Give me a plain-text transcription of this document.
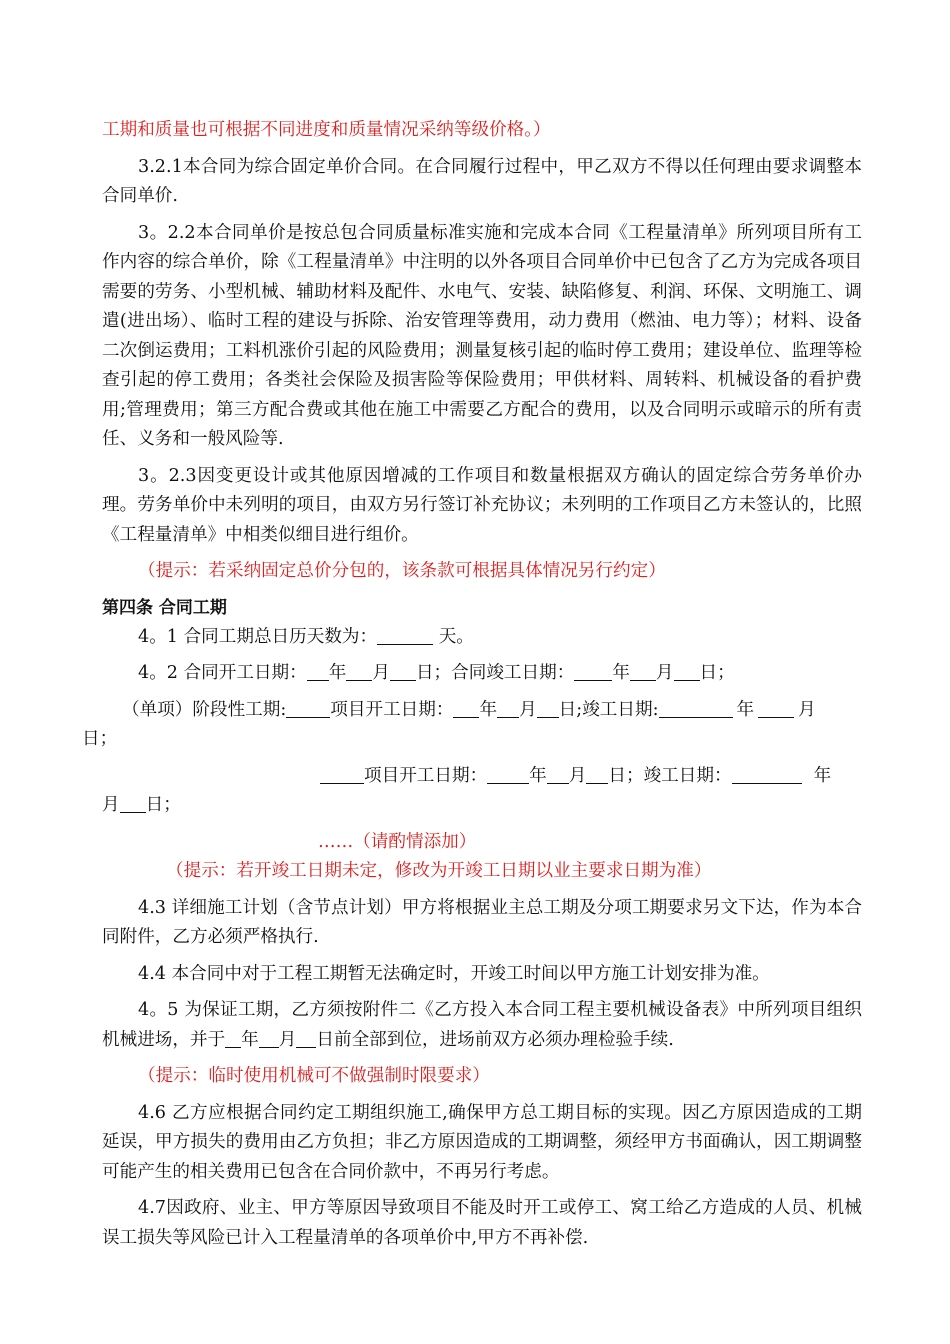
工期和质量也可根据不同进度和质量情况采纳等级价格。）

3.2.1本合同为综合固定单价合同。在合同履行过程中，甲乙双方不得以任何理由要求调整本合同单价.

3。2.2本合同单价是按总包合同质量标准实施和完成本合同《工程量清单》所列项目所有工作内容的综合单价，除《工程量清单》中注明的以外各项目合同单价中已包含了乙方为完成各项目需要的劳务、小型机械、辅助材料及配件、水电气、安装、缺陷修复、利润、环保、文明施工、调遣(进出场）、临时工程的建设与拆除、治安管理等费用，动力费用（燃油、电力等）；材料、设备二次倒运费用；工料机涨价引起的风险费用；测量复核引起的临时停工费用；建设单位、监理等检查引起的停工费用；各类社会保险及损害险等保险费用；甲供材料、周转料、机械设备的看护费用;管理费用；第三方配合费或其他在施工中需要乙方配合的费用，以及合同明示或暗示的所有责任、义务和一般风险等.

3。2.3因变更设计或其他原因增减的工作项目和数量根据双方确认的固定综合劳务单价办理。劳务单价中未列明的项目，由双方另行签订补充协议；未列明的工作项目乙方未签认的，比照《工程量清单》中相类似细目进行组价。

（提示：若采纳固定总价分包的，该条款可根据具体情况另行约定）

第四条 合同工期

4。1 合同工期总日历天数为：	天。

4。2 合同开工日期： 年 月 日；合同竣工日期： 年 月 日；

（单项）阶段性工期:	项目开工日期： 年 月 日;竣工日期:	年	月

日；

项目开工日期： 年 月 日；竣工日期：	年

月 日；

……（请酌情添加）

（提示：若开竣工日期未定，修改为开竣工日期以业主要求日期为准）

4.3 详细施工计划（含节点计划）甲方将根据业主总工期及分项工期要求另文下达，作为本合同附件，乙方必须严格执行.

4.4 本合同中对于工程工期暂无法确定时，开竣工时间以甲方施工计划安排为准。

4。5 为保证工期，乙方须按附件二《乙方投入本合同工程主要机械设备表》中所列项目组织机械进场，并于 年 月 日前全部到位，进场前双方必须办理检验手续.

（提示：临时使用机械可不做强制时限要求）

4.6 乙方应根据合同约定工期组织施工,确保甲方总工期目标的实现。因乙方原因造成的工期延误，甲方损失的费用由乙方负担；非乙方原因造成的工期调整，须经甲方书面确认，因工期调整可能产生的相关费用已包含在合同价款中，不再另行考虑。

4.7因政府、业主、甲方等原因导致项目不能及时开工或停工、窝工给乙方造成的人员、机械误工损失等风险已计入工程量清单的各项单价中,甲方不再补偿.
